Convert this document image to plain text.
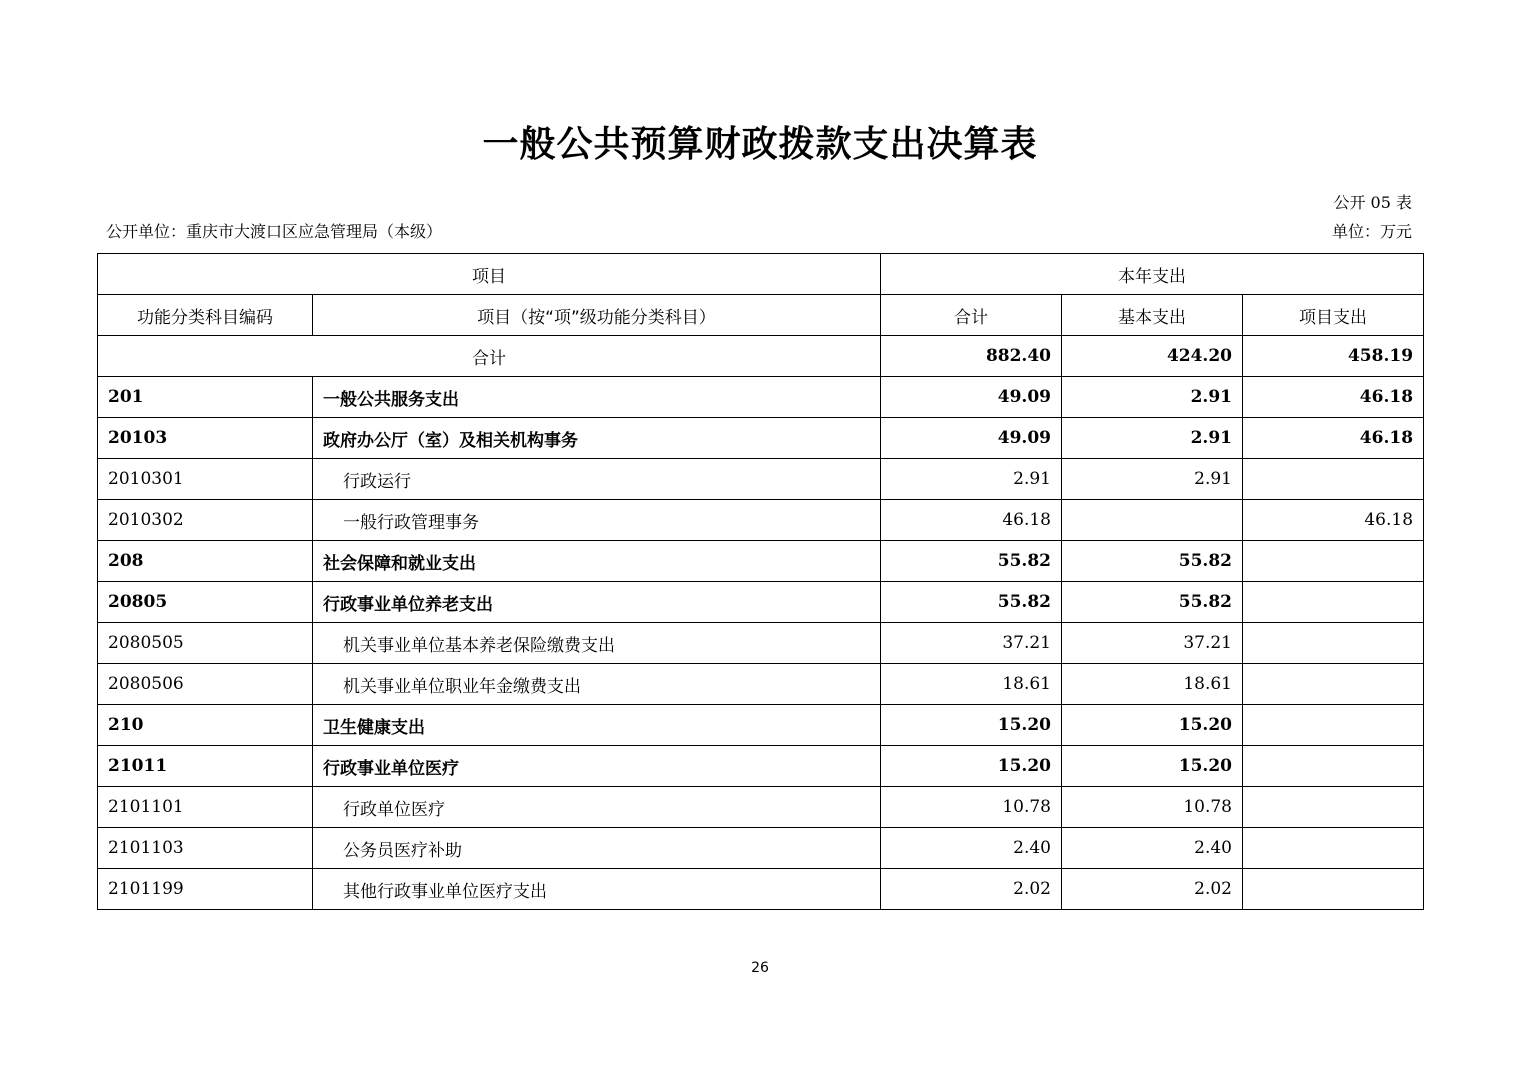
一般公共预算财政拨款支出决算表
公开 05 表
公开单位：重庆市大渡口区应急管理局（本级）	单位：万元
项目		本年支出		
功能分类科目编码	项目（按“项”级功能分类科目）	合计	基本支出	项目支出
合计		882.40	424.20	458.19
201	一般公共服务支出	49.09	2.91	46.18
20103	政府办公厅（室）及相关机构事务	49.09	2.91	46.18
2010301	行政运行	2.91	2.91	
2010302	一般行政管理事务	46.18		46.18
208	社会保障和就业支出	55.82	55.82	
20805	行政事业单位养老支出	55.82	55.82	
2080505	机关事业单位基本养老保险缴费支出	37.21	37.21	
2080506	机关事业单位职业年金缴费支出	18.61	18.61	
210	卫生健康支出	15.20	15.20	
21011	行政事业单位医疗	15.20	15.20	
2101101	行政单位医疗	10.78	10.78	
2101103	公务员医疗补助	2.40	2.40	
2101199	其他行政事业单位医疗支出	2.02	2.02	
26
